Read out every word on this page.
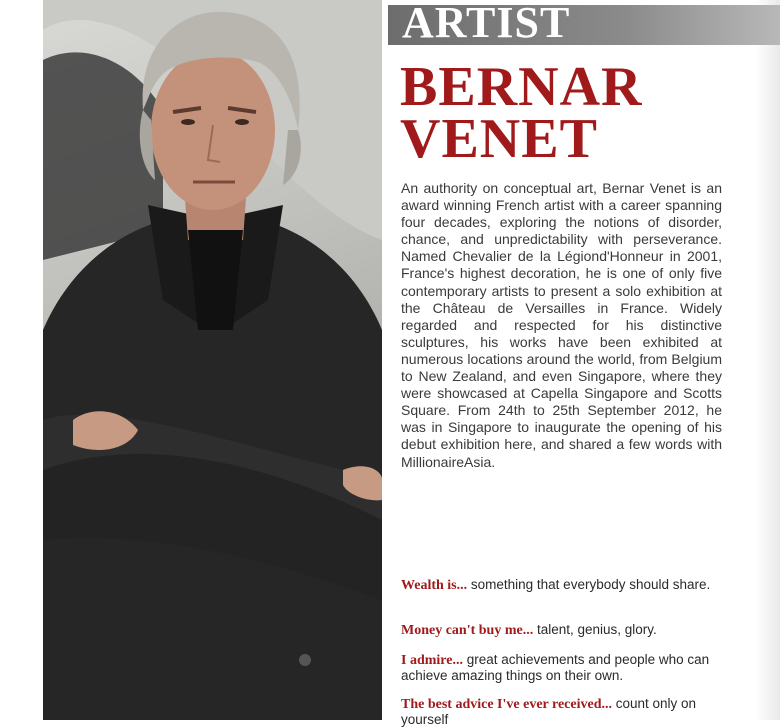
ARTIST
BERNAR
VENET

An authority on conceptual art, Bernar Venet is an award winning French artist with a career spanning four decades, exploring the notions of disorder, chance, and unpredictability with perseverance. Named Chevalier de la Légiond'Honneur in 2001, France's highest decoration, he is one of only five contemporary artists to present a solo exhibition at the Château de Versailles in France. Widely regarded and respected for his distinctive sculptures, his works have been exhibited at numerous locations around the world, from Belgium to New Zealand, and even Singapore, where they were showcased at Capella Singapore and Scotts Square. From 24th to 25th September 2012, he was in Singapore to inaugurate the opening of his debut exhibition here, and shared a few words with MillionaireAsia.

Wealth is... something that everybody should share.

Money can't buy me... talent, genius, glory.

I admire... great achievements and people who can achieve amazing things on their own.

The best advice I've ever received... count only on yourself
